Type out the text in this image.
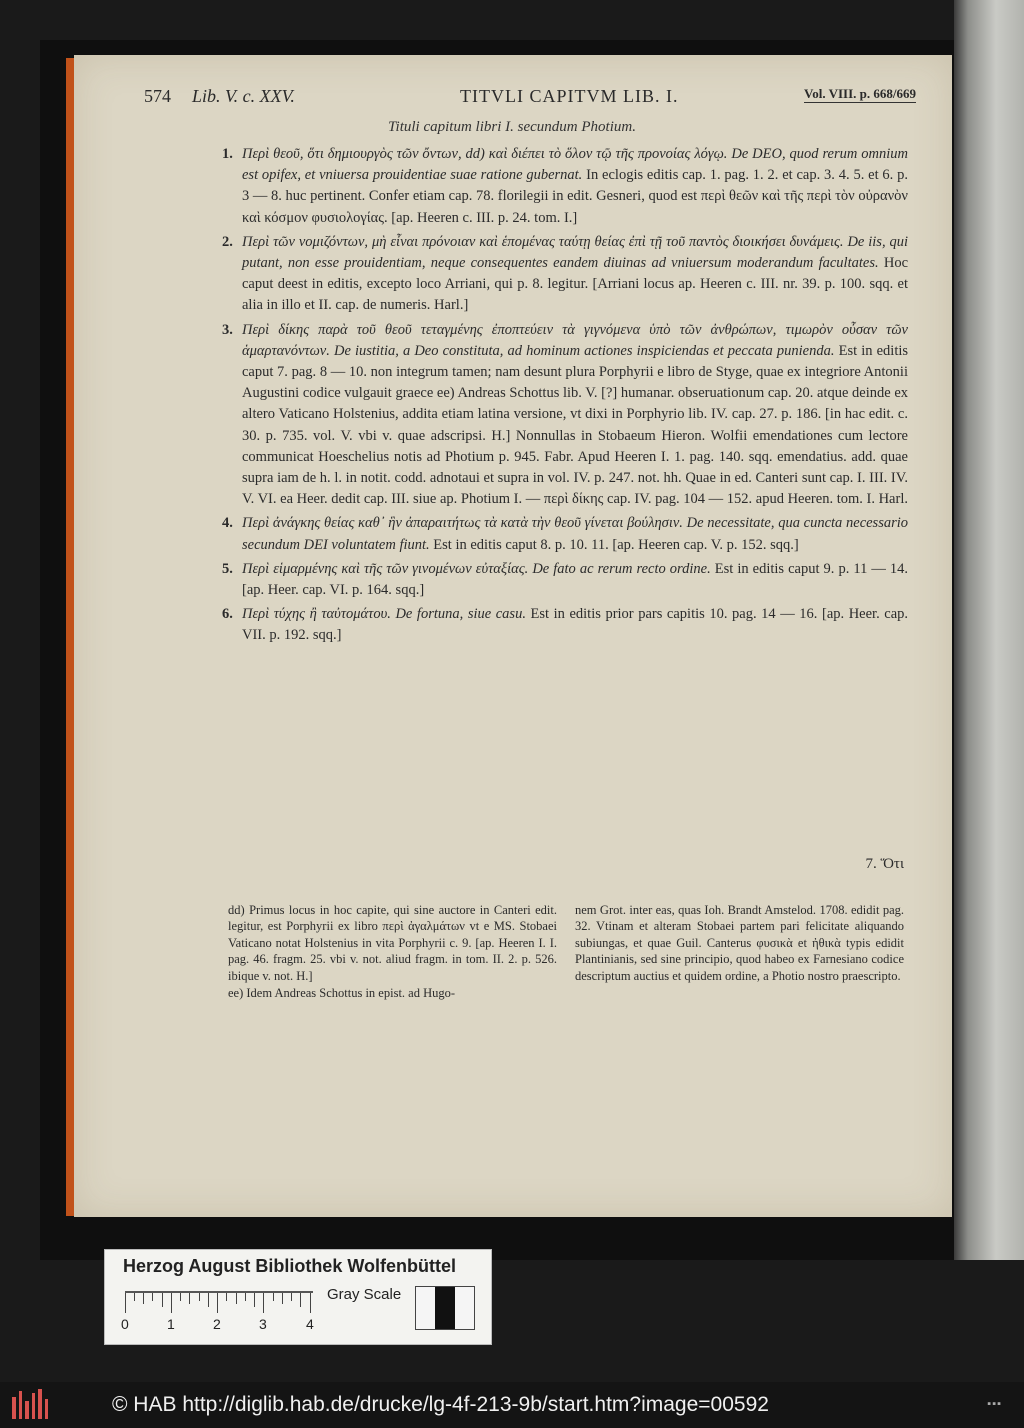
574 Lib. V. c. XXV.	TITVLI CAPITVM LIB. I.	Vol. VIII. p. 668/669
Tituli capitum libri I. secundum Photium.
1. Περὶ θεοῦ, ὅτι δημιουργὸς τῶν ὄντων, dd) καὶ διέπει τὸ ὅλον τῷ τῆς προνοίας λόγῳ. De DEO, quod rerum omnium est opifex, et vniuersa prouidentiae suae ratione gubernat. In eclogis editis cap. 1. pag. 1. 2. et cap. 3. 4. 5. et 6. p. 3 — 8. huc pertinent. Confer etiam cap. 78. florilegii in edit. Gesneri, quod est περὶ θεῶν καὶ τῆς περὶ τὸν οὐρανὸν καὶ κόσμον φυσιολογίας. [ap. Heeren c. III. p. 24. tom. I.]
2. Περὶ τῶν νομιζόντων, μὴ εἶναι πρόνοιαν καὶ ἑπομένας ταύτῃ θείας ἐπὶ τῇ τοῦ παντὸς διοικήσει δυνάμεις. De iis, qui putant, non esse prouidentiam, neque consequentes eandem diuinas ad vniuersum moderandum facultates. Hoc caput deest in editis, excepto loco Arriani, qui p. 8. legitur. [Arriani locus ap. Heeren c. III. nr. 39. p. 100. sqq. et alia in illo et II. cap. de numeris. Harl.]
3. Περὶ δίκης παρὰ τοῦ θεοῦ τεταγμένης ἐποπτεύειν τὰ γιγνόμενα ὑπὸ τῶν ἀνθρώπων, τιμωρὸν οὖσαν τῶν ἁμαρτανόντων. De iustitia, a Deo constituta, ad hominum actiones inspiciendas et peccata punienda. Est in editis caput 7. pag. 8 — 10. non integrum tamen; nam desunt plura Porphyrii e libro de Styge, quae ex integriore Antonii Augustini codice vulgauit graece ee) Andreas Schottus lib. V. [?] humanar. obseruationum cap. 20. atque deinde ex altero Vaticano Holstenius, addita etiam latina versione, vt dixi in Porphyrio lib. IV. cap. 27. p. 186. [in hac edit. c. 30. p. 735. vol. V. vbi v. quae adscripsi. H.] Nonnullas in Stobaeum Hieron. Wolfii emendationes cum lectore communicat Hoeschelius notis ad Photium p. 945. Fabr. Apud Heeren I. 1. pag. 140. sqq. emendatius. add. quae supra iam de h. l. in notit. codd. adnotaui et supra in vol. IV. p. 247. not. hh. Quae in ed. Canteri sunt cap. I. III. IV. V. VI. ea Heer. dedit cap. III. siue ap. Photium I. — περὶ δίκης cap. IV. pag. 104 — 152. apud Heeren. tom. I. Harl.
4. Περὶ ἀνάγκης θείας καθ᾽ ἣν ἀπαραιτήτως τὰ κατὰ τὴν θεοῦ γίνεται βούλησιν. De necessitate, qua cuncta necessario secundum DEI voluntatem fiunt. Est in editis caput 8. p. 10. 11. [ap. Heeren cap. V. p. 152. sqq.]
5. Περὶ εἱμαρμένης καὶ τῆς τῶν γινομένων εὐταξίας. De fato ac rerum recto ordine. Est in editis caput 9. p. 11 — 14. [ap. Heer. cap. VI. p. 164. sqq.]
6. Περὶ τύχης ἢ ταὐτομάτου. De fortuna, siue casu. Est in editis prior pars capitis 10. pag. 14 — 16. [ap. Heer. cap. VII. p. 192. sqq.]
7. Ὅτι

dd) Primus locus in hoc capite, qui sine auctore in Canteri edit. legitur, est Porphyrii ex libro περὶ ἀγαλμάτων vt e MS. Stobaei Vaticano notat Holstenius in vita Porphyrii c. 9. [ap. Heeren I. I. pag. 46. fragm. 25. vbi v. not. aliud fragm. in tom. II. 2. p. 526. ibique v. not. H.]

ee) Idem Andreas Schottus in epist. ad Hugo-

nem Grot. inter eas, quas Ioh. Brandt Amstelod. 1708. edidit pag. 32. Vtinam et alteram Stobaei partem pari felicitate aliquando subiungas, et quae Guil. Canterus φυσικὰ et ἠθικὰ typis edidit Plantinianis, sed sine principio, quod habeo ex Farnesiano codice descriptum auctius et quidem ordine, a Photio nostro praescripto.

Herzog August Bibliothek Wolfenbüttel
0	1	2	3	4
Gray Scale
© HAB http://diglib.hab.de/drucke/lg-4f-213-9b/start.htm?image=00592	▪▪▪
